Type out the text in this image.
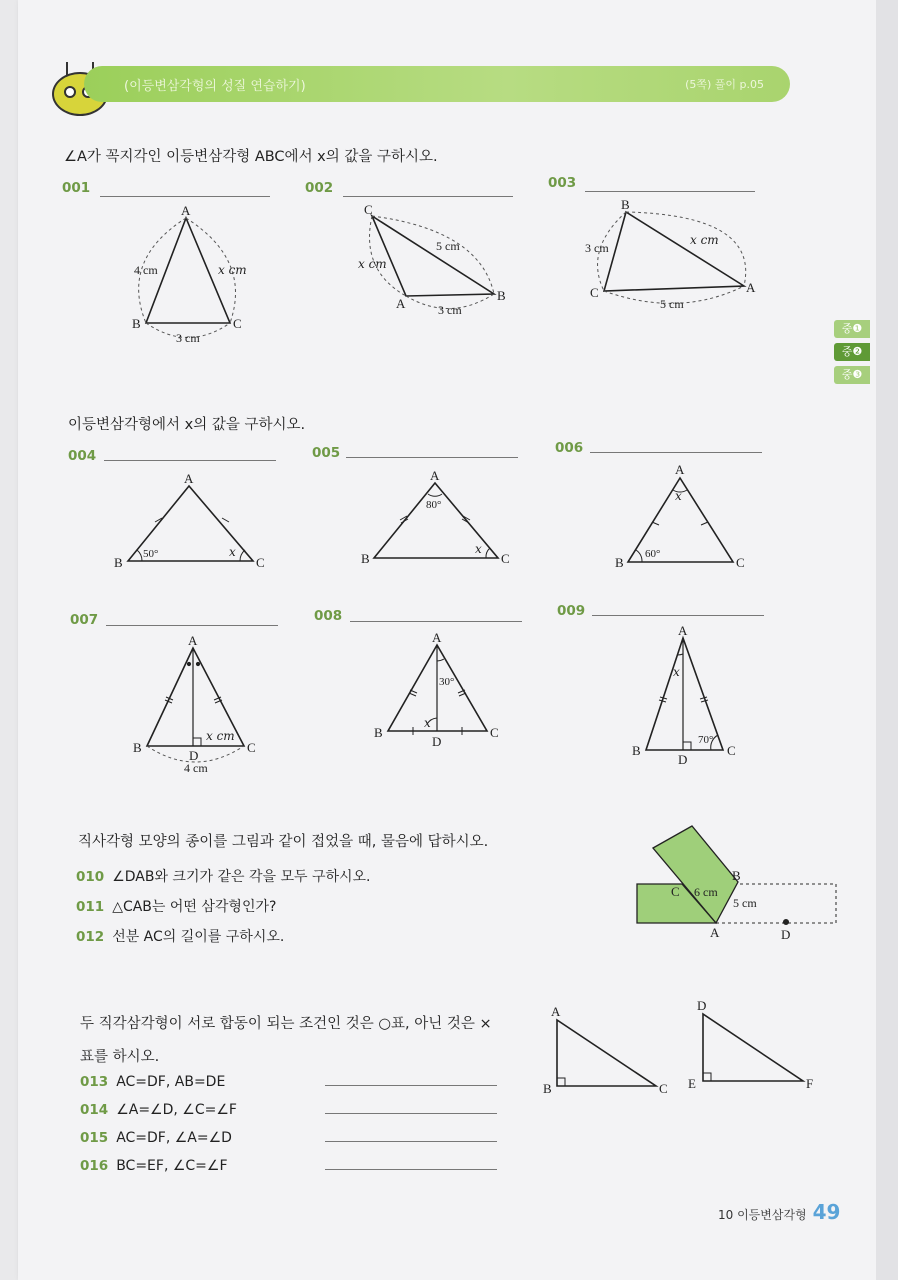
(이등변삼각형의 성질 연습하기)	(5쪽) 풀이 p.05
중❶
중❷
중❸
∠A가 꼭지각인 이등변삼각형 ABC에서 x의 값을 구하시오.
001	002	003
A
B	C
4 cm	x cm
3 cm
C
A
B
5 cm
x cm
3 cm
B
C	A
3 cm
x cm
5 cm
A
B	C
50°	x
A
B	C
80°
x
A
B	C
x
60°
A
B	C
D
x cm
4 cm
A
B	C
D
30°
x
A
B	C
D
x
70°
C
B
A	D
6 cm
5 cm
A
B	C
D
E	F
이등변삼각형에서 x의 값을 구하시오.
004	005	006
007	008	009
직사각형 모양의 종이를 그림과 같이 접었을 때, 물음에 답하시오.
010 ∠DAB와 크기가 같은 각을 모두 구하시오.
011 △CAB는 어떤 삼각형인가?
012 선분 AC의 길이를 구하시오.
두 직각삼각형이 서로 합동이 되는 조건인 것은 ○표, 아닌 것은 ×
표를 하시오.
013 AC=DF, AB=DE
014 ∠A=∠D, ∠C=∠F
015 AC=DF, ∠A=∠D
016 BC=EF, ∠C=∠F
10 이등변삼각형 49
